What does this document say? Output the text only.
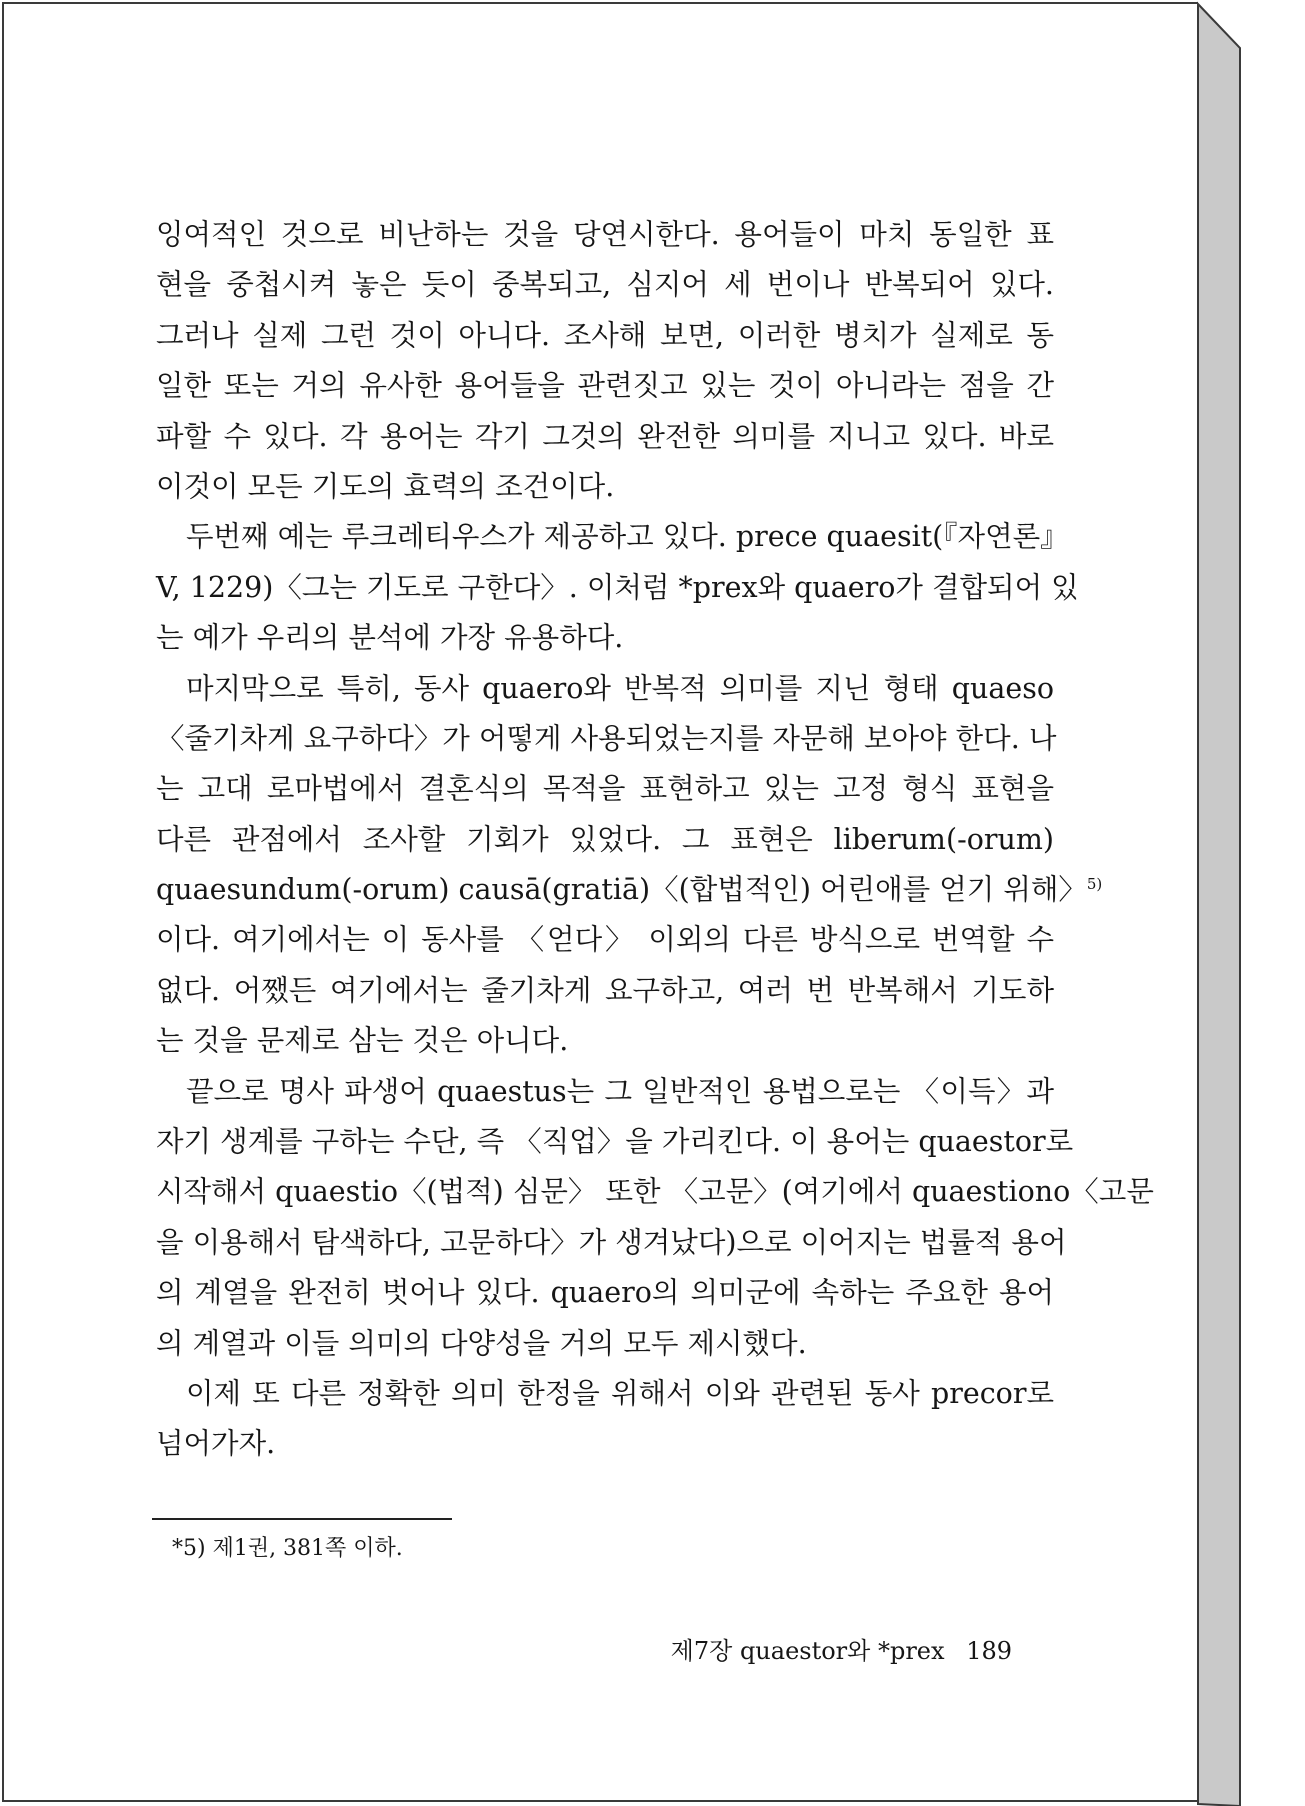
잉여적인 것으로 비난하는 것을 당연시한다. 용어들이 마치 동일한 표
현을 중첩시켜 놓은 듯이 중복되고, 심지어 세 번이나 반복되어 있다.
그러나 실제 그런 것이 아니다. 조사해 보면, 이러한 병치가 실제로 동
일한 또는 거의 유사한 용어들을 관련짓고 있는 것이 아니라는 점을 간
파할 수 있다. 각 용어는 각기 그것의 완전한 의미를 지니고 있다. 바로
이것이 모든 기도의 효력의 조건이다.
두번째 예는 루크레티우스가 제공하고 있다. prece quaesit(『자연론』
V, 1229)〈그는 기도로 구한다〉. 이처럼 *prex와 quaero가 결합되어 있
는 예가 우리의 분석에 가장 유용하다.
마지막으로 특히, 동사 quaero와 반복적 의미를 지닌 형태 quaeso
〈줄기차게 요구하다〉가 어떻게 사용되었는지를 자문해 보아야 한다. 나
는 고대 로마법에서 결혼식의 목적을 표현하고 있는 고정 형식 표현을
다른 관점에서 조사할 기회가 있었다. 그 표현은 liberum(-orum)
quaesundum(-orum) causā(gratiā)〈(합법적인) 어린애를 얻기 위해〉$^{5)}$
이다. 여기에서는 이 동사를 〈얻다〉 이외의 다른 방식으로 번역할 수
없다. 어쨌든 여기에서는 줄기차게 요구하고, 여러 번 반복해서 기도하
는 것을 문제로 삼는 것은 아니다.
끝으로 명사 파생어 quaestus는 그 일반적인 용법으로는 〈이득〉과
자기 생계를 구하는 수단, 즉 〈직업〉을 가리킨다. 이 용어는 quaestor로
시작해서 quaestio〈(법적) 심문〉 또한 〈고문〉(여기에서 quaestiono〈고문
을 이용해서 탐색하다, 고문하다〉가 생겨났다)으로 이어지는 법률적 용어
의 계열을 완전히 벗어나 있다. quaero의 의미군에 속하는 주요한 용어
의 계열과 이들 의미의 다양성을 거의 모두 제시했다.
이제 또 다른 정확한 의미 한정을 위해서 이와 관련된 동사 precor로
넘어가자.
*5) 제1권, 381쪽 이하.
제7장 quaestor와 *prex 189
